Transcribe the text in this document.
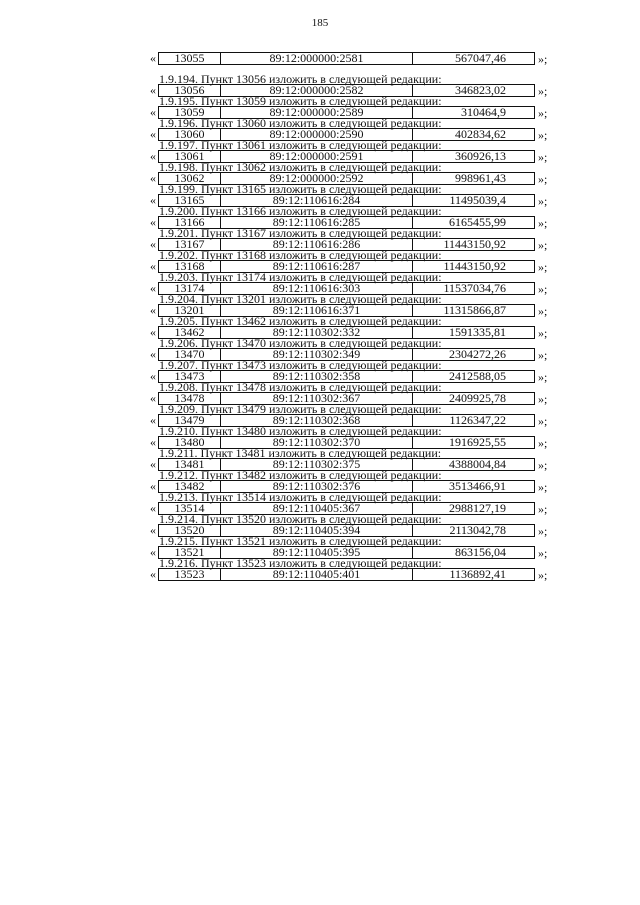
185
«	13055	89:12:000000:2581	567047,46	»;
1.9.194. Пункт 13056 изложить в следующей редакции:
«	13056	89:12:000000:2582	346823,02	»;
1.9.195. Пункт 13059 изложить в следующей редакции:
«	13059	89:12:000000:2589	310464,9	»;
1.9.196. Пункт 13060 изложить в следующей редакции:
«	13060	89:12:000000:2590	402834,62	»;
1.9.197. Пункт 13061 изложить в следующей редакции:
«	13061	89:12:000000:2591	360926,13	»;
1.9.198. Пункт 13062 изложить в следующей редакции:
«	13062	89:12:000000:2592	998961,43	»;
1.9.199. Пункт 13165 изложить в следующей редакции:
«	13165	89:12:110616:284	11495039,4	»;
1.9.200. Пункт 13166 изложить в следующей редакции:
«	13166	89:12:110616:285	6165455,99	»;
1.9.201. Пункт 13167 изложить в следующей редакции:
«	13167	89:12:110616:286	11443150,92	»;
1.9.202. Пункт 13168 изложить в следующей редакции:
«	13168	89:12:110616:287	11443150,92	»;
1.9.203. Пункт 13174 изложить в следующей редакции:
«	13174	89:12:110616:303	11537034,76	»;
1.9.204. Пункт 13201 изложить в следующей редакции:
«	13201	89:12:110616:371	11315866,87	»;
1.9.205. Пункт 13462 изложить в следующей редакции:
«	13462	89:12:110302:332	1591335,81	»;
1.9.206. Пункт 13470 изложить в следующей редакции:
«	13470	89:12:110302:349	2304272,26	»;
1.9.207. Пункт 13473 изложить в следующей редакции:
«	13473	89:12:110302:358	2412588,05	»;
1.9.208. Пункт 13478 изложить в следующей редакции:
«	13478	89:12:110302:367	2409925,78	»;
1.9.209. Пункт 13479 изложить в следующей редакции:
«	13479	89:12:110302:368	1126347,22	»;
1.9.210. Пункт 13480 изложить в следующей редакции:
«	13480	89:12:110302:370	1916925,55	»;
1.9.211. Пункт 13481 изложить в следующей редакции:
«	13481	89:12:110302:375	4388004,84	»;
1.9.212. Пункт 13482 изложить в следующей редакции:
«	13482	89:12:110302:376	3513466,91	»;
1.9.213. Пункт 13514 изложить в следующей редакции:
«	13514	89:12:110405:367	2988127,19	»;
1.9.214. Пункт 13520 изложить в следующей редакции:
«	13520	89:12:110405:394	2113042,78	»;
1.9.215. Пункт 13521 изложить в следующей редакции:
«	13521	89:12:110405:395	863156,04	»;
1.9.216. Пункт 13523 изложить в следующей редакции:
«	13523	89:12:110405:401	1136892,41	»;
